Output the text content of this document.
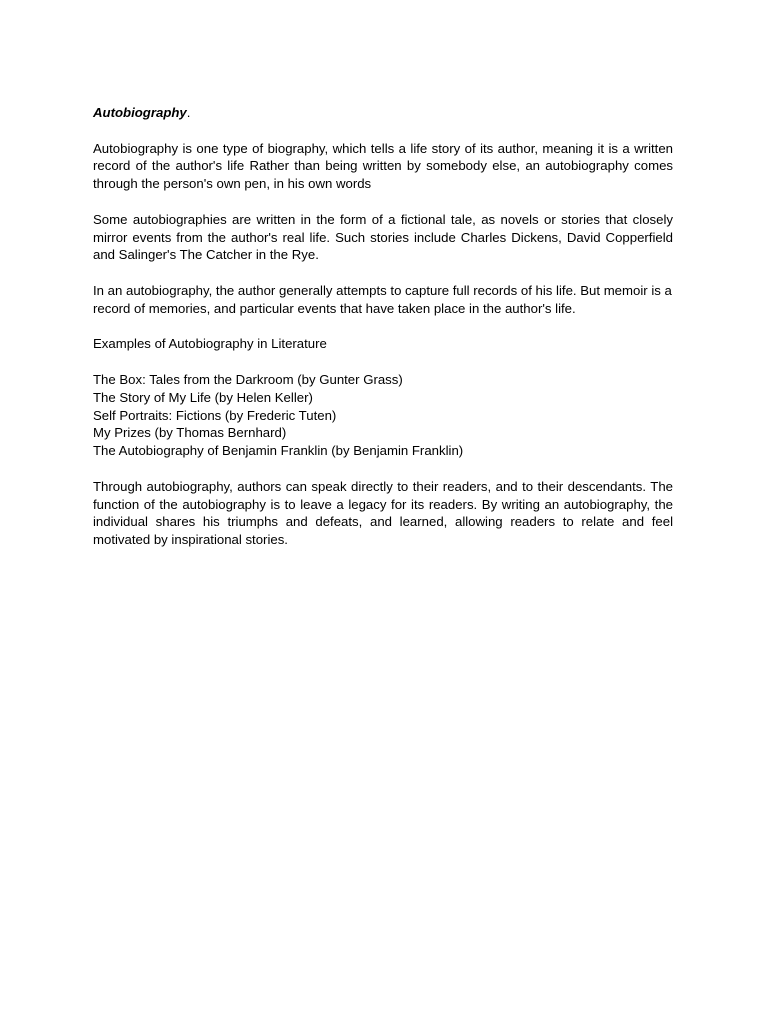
Autobiography.

Autobiography is one type of biography, which tells a life story of its author, meaning it is a written record of the author's life Rather than being written by somebody else, an autobiography comes through the person's own pen, in his own words

Some autobiographies are written in the form of a fictional tale, as novels or stories that closely mirror events from the author's real life. Such stories include Charles Dickens, David Copperfield and Salinger's The Catcher in the Rye.

In an autobiography, the author generally attempts to capture full records of his life. But memoir is a record of memories, and particular events that have taken place in the author's life.

Examples of Autobiography in Literature

The Box: Tales from the Darkroom (by Gunter Grass)
The Story of My Life (by Helen Keller)
Self Portraits: Fictions (by Frederic Tuten)
My Prizes (by Thomas Bernhard)
The Autobiography of Benjamin Franklin (by Benjamin Franklin)

Through autobiography, authors can speak directly to their readers, and to their descendants. The function of the autobiography is to leave a legacy for its readers. By writing an autobiography, the individual shares his triumphs and defeats, and learned, allowing readers to relate and feel motivated by inspirational stories.
